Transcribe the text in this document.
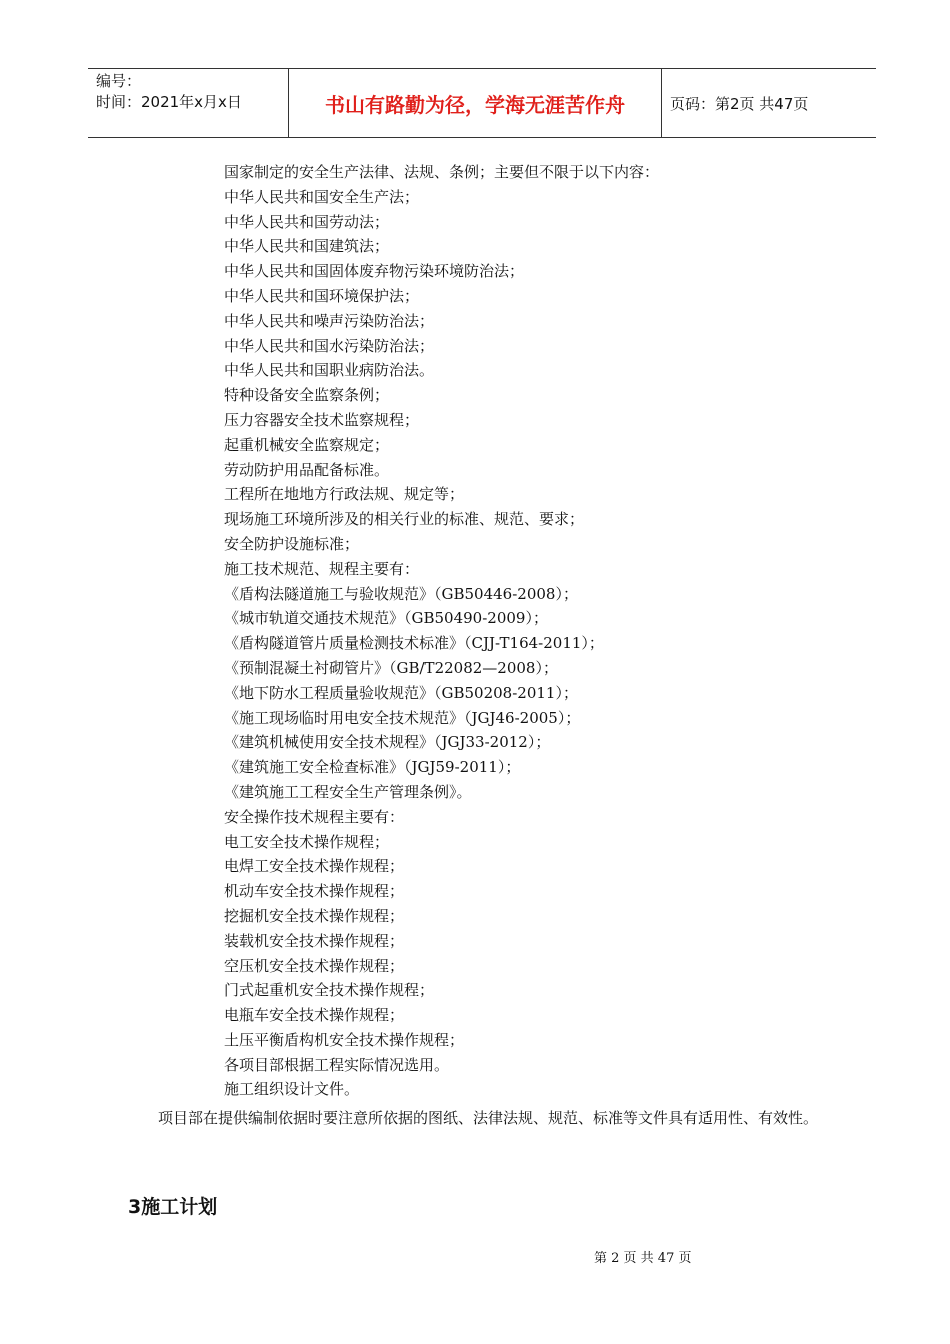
编号：
时间：2021年x月x日	书山有路勤为径，学海无涯苦作舟	页码：第2页 共47页
国家制定的安全生产法律、法规、条例；主要但不限于以下内容：
中华人民共和国安全生产法；
中华人民共和国劳动法；
中华人民共和国建筑法；
中华人民共和国固体废弃物污染环境防治法；
中华人民共和国环境保护法；
中华人民共和噪声污染防治法；
中华人民共和国水污染防治法；
中华人民共和国职业病防治法。
特种设备安全监察条例；
压力容器安全技术监察规程；
起重机械安全监察规定；
劳动防护用品配备标准。
工程所在地地方行政法规、规定等；
现场施工环境所涉及的相关行业的标准、规范、要求；
安全防护设施标准；
施工技术规范、规程主要有：
《盾构法隧道施工与验收规范》（GB50446-2008）；
《城市轨道交通技术规范》（GB50490-2009）；
《盾构隧道管片质量检测技术标准》（CJJ-T164-2011）；
《预制混凝土衬砌管片》（GB/T22082—2008）；
《地下防水工程质量验收规范》（GB50208-2011）；
《施工现场临时用电安全技术规范》（JGJ46-2005）；
《建筑机械使用安全技术规程》（JGJ33-2012）；
《建筑施工安全检查标准》（JGJ59-2011）；
《建筑施工工程安全生产管理条例》。
安全操作技术规程主要有：
电工安全技术操作规程；
电焊工安全技术操作规程；
机动车安全技术操作规程；
挖掘机安全技术操作规程；
装载机安全技术操作规程；
空压机安全技术操作规程；
门式起重机安全技术操作规程；
电瓶车安全技术操作规程；
土压平衡盾构机安全技术操作规程；
各项目部根据工程实际情况选用。
施工组织设计文件。
项目部在提供编制依据时要注意所依据的图纸、法律法规、规范、标准等文件具有适用性、有效性。
3施工计划
第 2 页 共 47 页
